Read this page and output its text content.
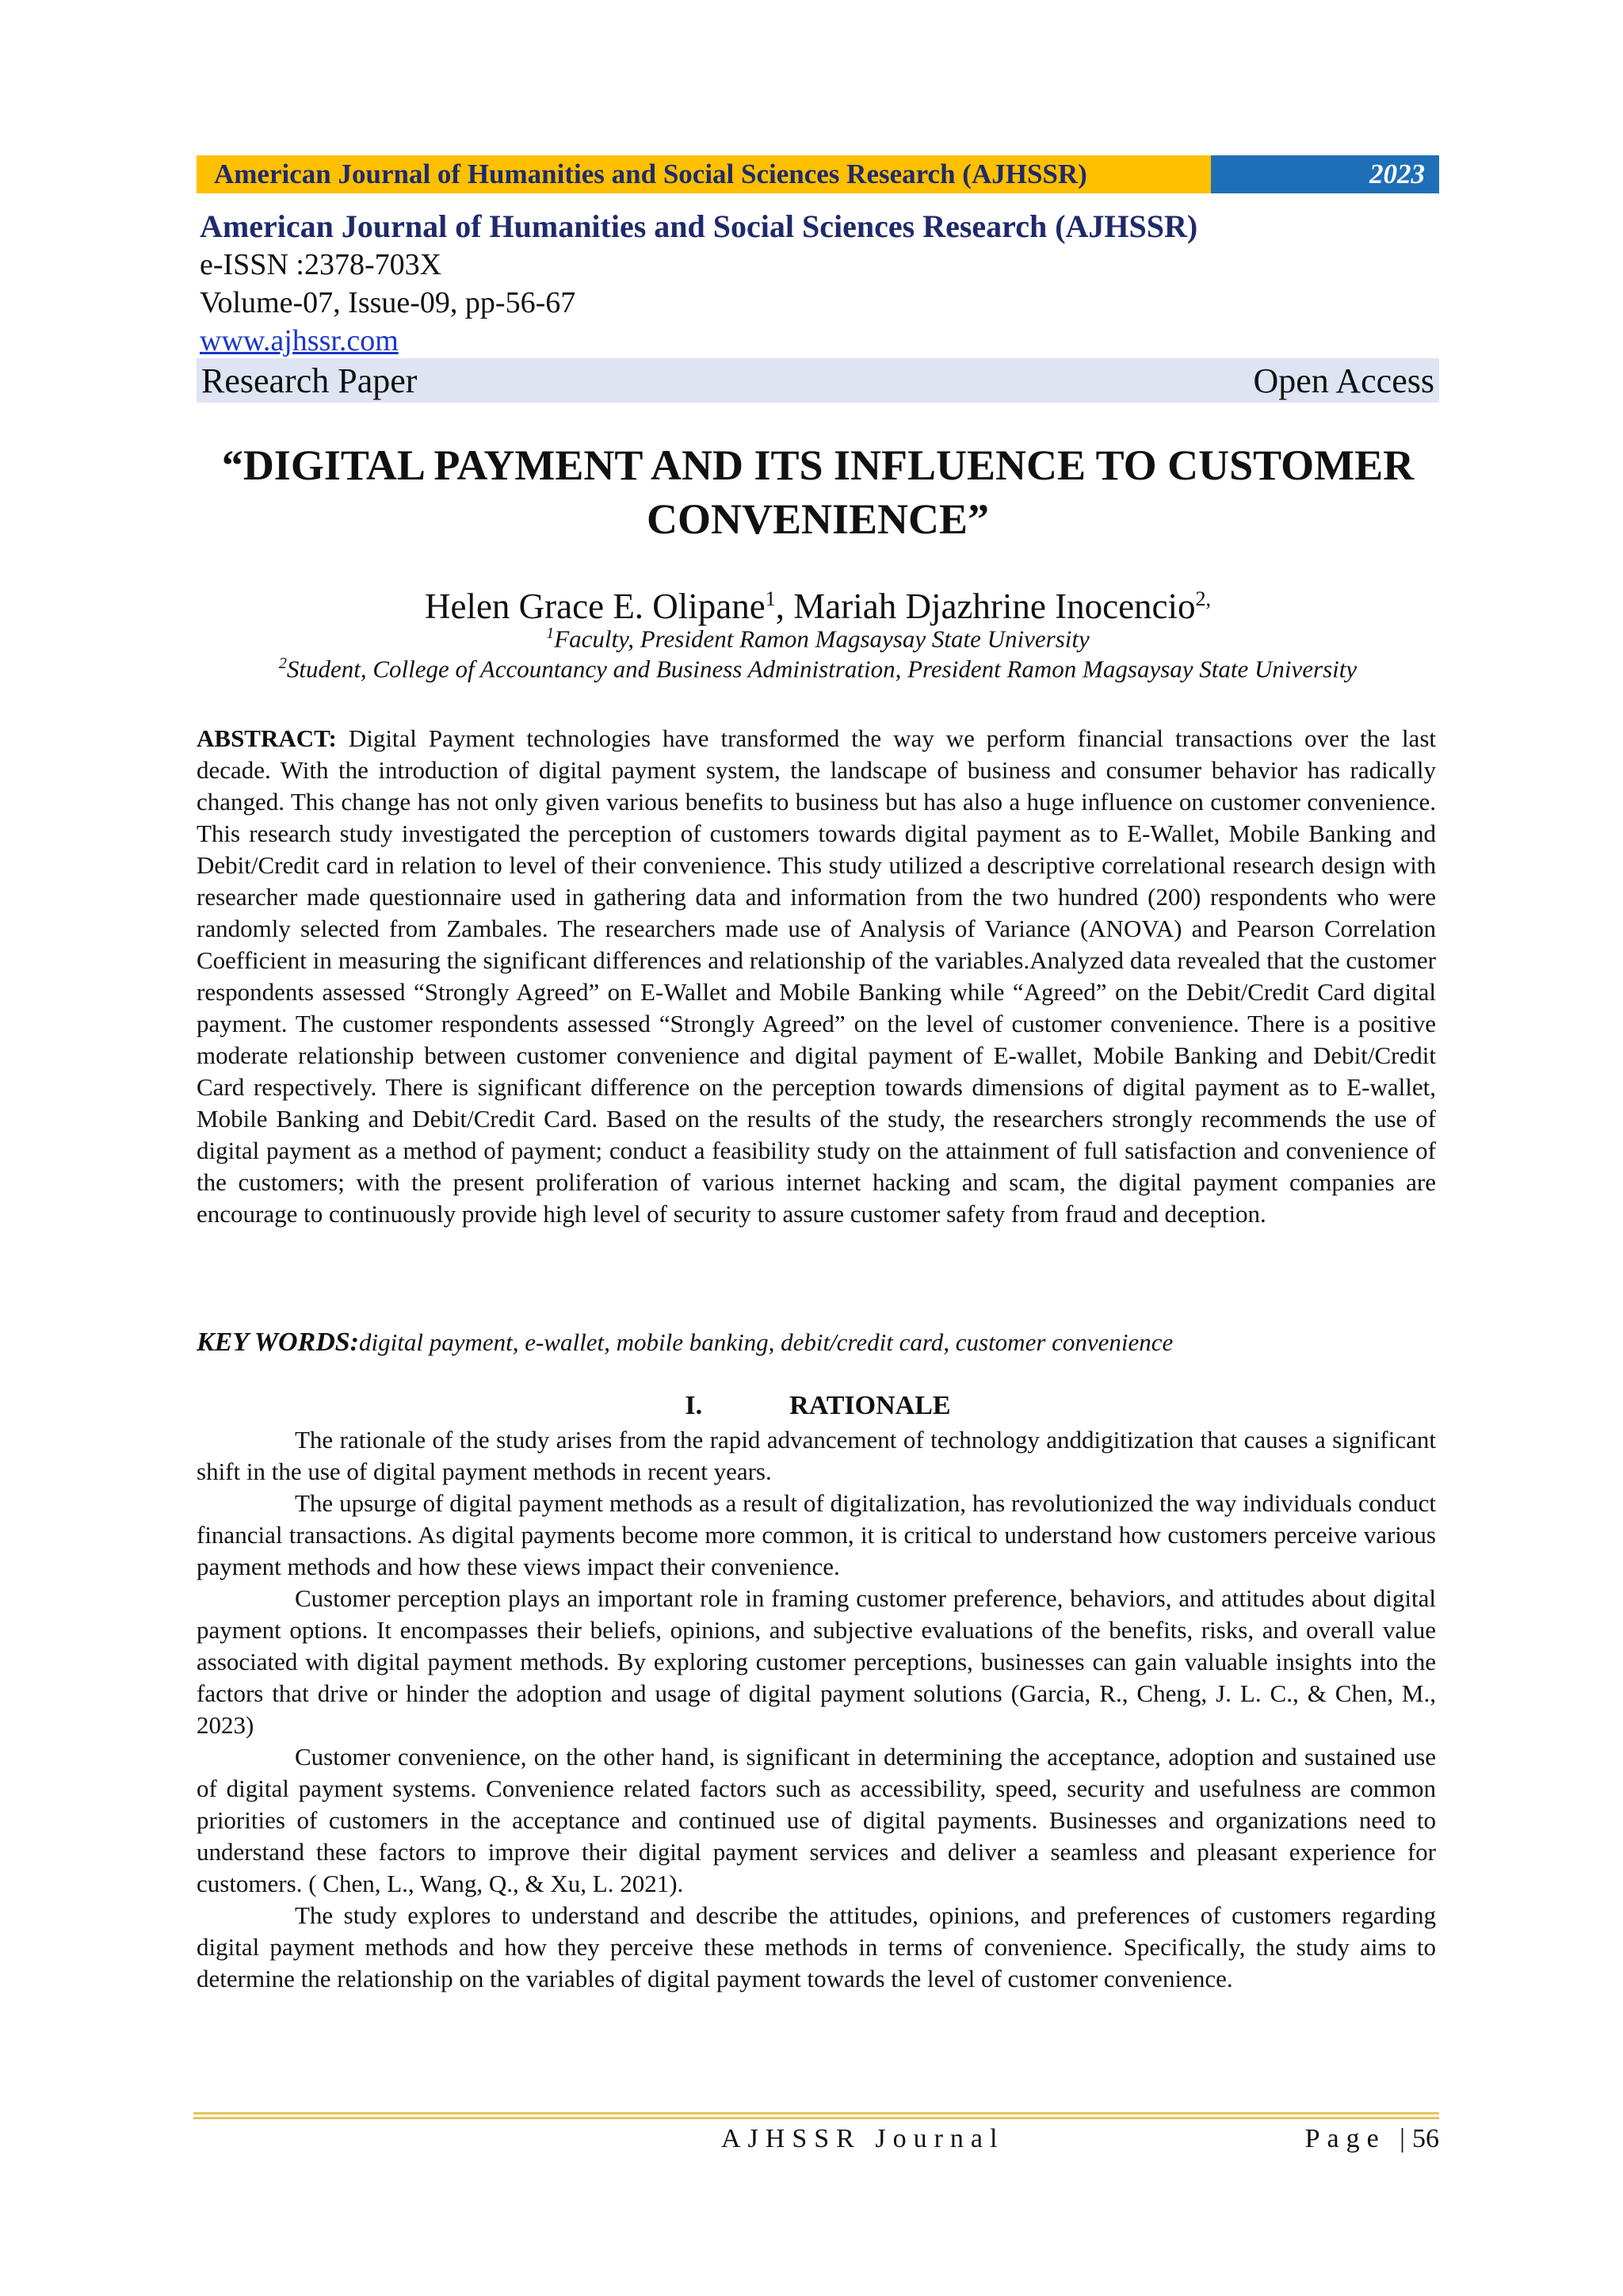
American Journal of Humanities and Social Sciences Research (AJHSSR)	2023
American Journal of Humanities and Social Sciences Research (AJHSSR)
e-ISSN :2378-703X
Volume-07, Issue-09, pp-56-67
www.ajhssr.com
Research Paper	Open Access
“DIGITAL PAYMENT AND ITS INFLUENCE TO CUSTOMER
CONVENIENCE”
Helen Grace E. Olipane$^1$, Mariah Djazhrine Inocencio$^{2,}$
$^1$Faculty, President Ramon Magsaysay State University
$^2$Student, College of Accountancy and Business Administration, President Ramon Magsaysay State University

ABSTRACT: Digital Payment technologies have transformed the way we perform financial transactions over the last decade. With the introduction of digital payment system, the landscape of business and consumer behavior has radically changed. This change has not only given various benefits to business but has also a huge influence on customer convenience. This research study investigated the perception of customers towards digital payment as to E-Wallet, Mobile Banking and Debit/Credit card in relation to level of their convenience. This study utilized a descriptive correlational research design with researcher made questionnaire used in gathering data and information from the two hundred (200) respondents who were randomly selected from Zambales. The researchers made use of Analysis of Variance (ANOVA) and Pearson Correlation Coefficient in measuring the significant differences and relationship of the variables.Analyzed data revealed that the customer respondents assessed “Strongly Agreed” on E-Wallet and Mobile Banking while “Agreed” on the Debit/Credit Card digital payment. The customer respondents assessed “Strongly Agreed” on the level of customer convenience. There is a positive moderate relationship between customer convenience and digital payment of E-wallet, Mobile Banking and Debit/Credit Card respectively. There is significant difference on the perception towards dimensions of digital payment as to E-wallet, Mobile Banking and Debit/Credit Card. Based on the results of the study, the researchers strongly recommends the use of digital payment as a method of payment; conduct a feasibility study on the attainment of full satisfaction and convenience of the customers; with the present proliferation of various internet hacking and scam, the digital payment companies are encourage to continuously provide high level of security to assure customer safety from fraud and deception.

KEY WORDS:digital payment, e-wallet, mobile banking, debit/credit card, customer convenience
I.	RATIONALE

The rationale of the study arises from the rapid advancement of technology anddigitization that causes a significant shift in the use of digital payment methods in recent years.

The upsurge of digital payment methods as a result of digitalization, has revolutionized the way individuals conduct financial transactions. As digital payments become more common, it is critical to understand how customers perceive various payment methods and how these views impact their convenience.

Customer perception plays an important role in framing customer preference, behaviors, and attitudes about digital payment options. It encompasses their beliefs, opinions, and subjective evaluations of the benefits, risks, and overall value associated with digital payment methods. By exploring customer perceptions, businesses can gain valuable insights into the factors that drive or hinder the adoption and usage of digital payment solutions (Garcia, R., Cheng, J. L. C., & Chen, M., 2023)

Customer convenience, on the other hand, is significant in determining the acceptance, adoption and sustained use of digital payment systems. Convenience related factors such as accessibility, speed, security and usefulness are common priorities of customers in the acceptance and continued use of digital payments. Businesses and organizations need to understand these factors to improve their digital payment services and deliver a seamless and pleasant experience for customers. ( Chen, L., Wang, Q., & Xu, L. 2021).

The study explores to understand and describe the attitudes, opinions, and preferences of customers regarding digital payment methods and how they perceive these methods in terms of convenience. Specifically, the study aims to determine the relationship on the variables of digital payment towards the level of customer convenience.

AJHSSR Journal	Page |56
